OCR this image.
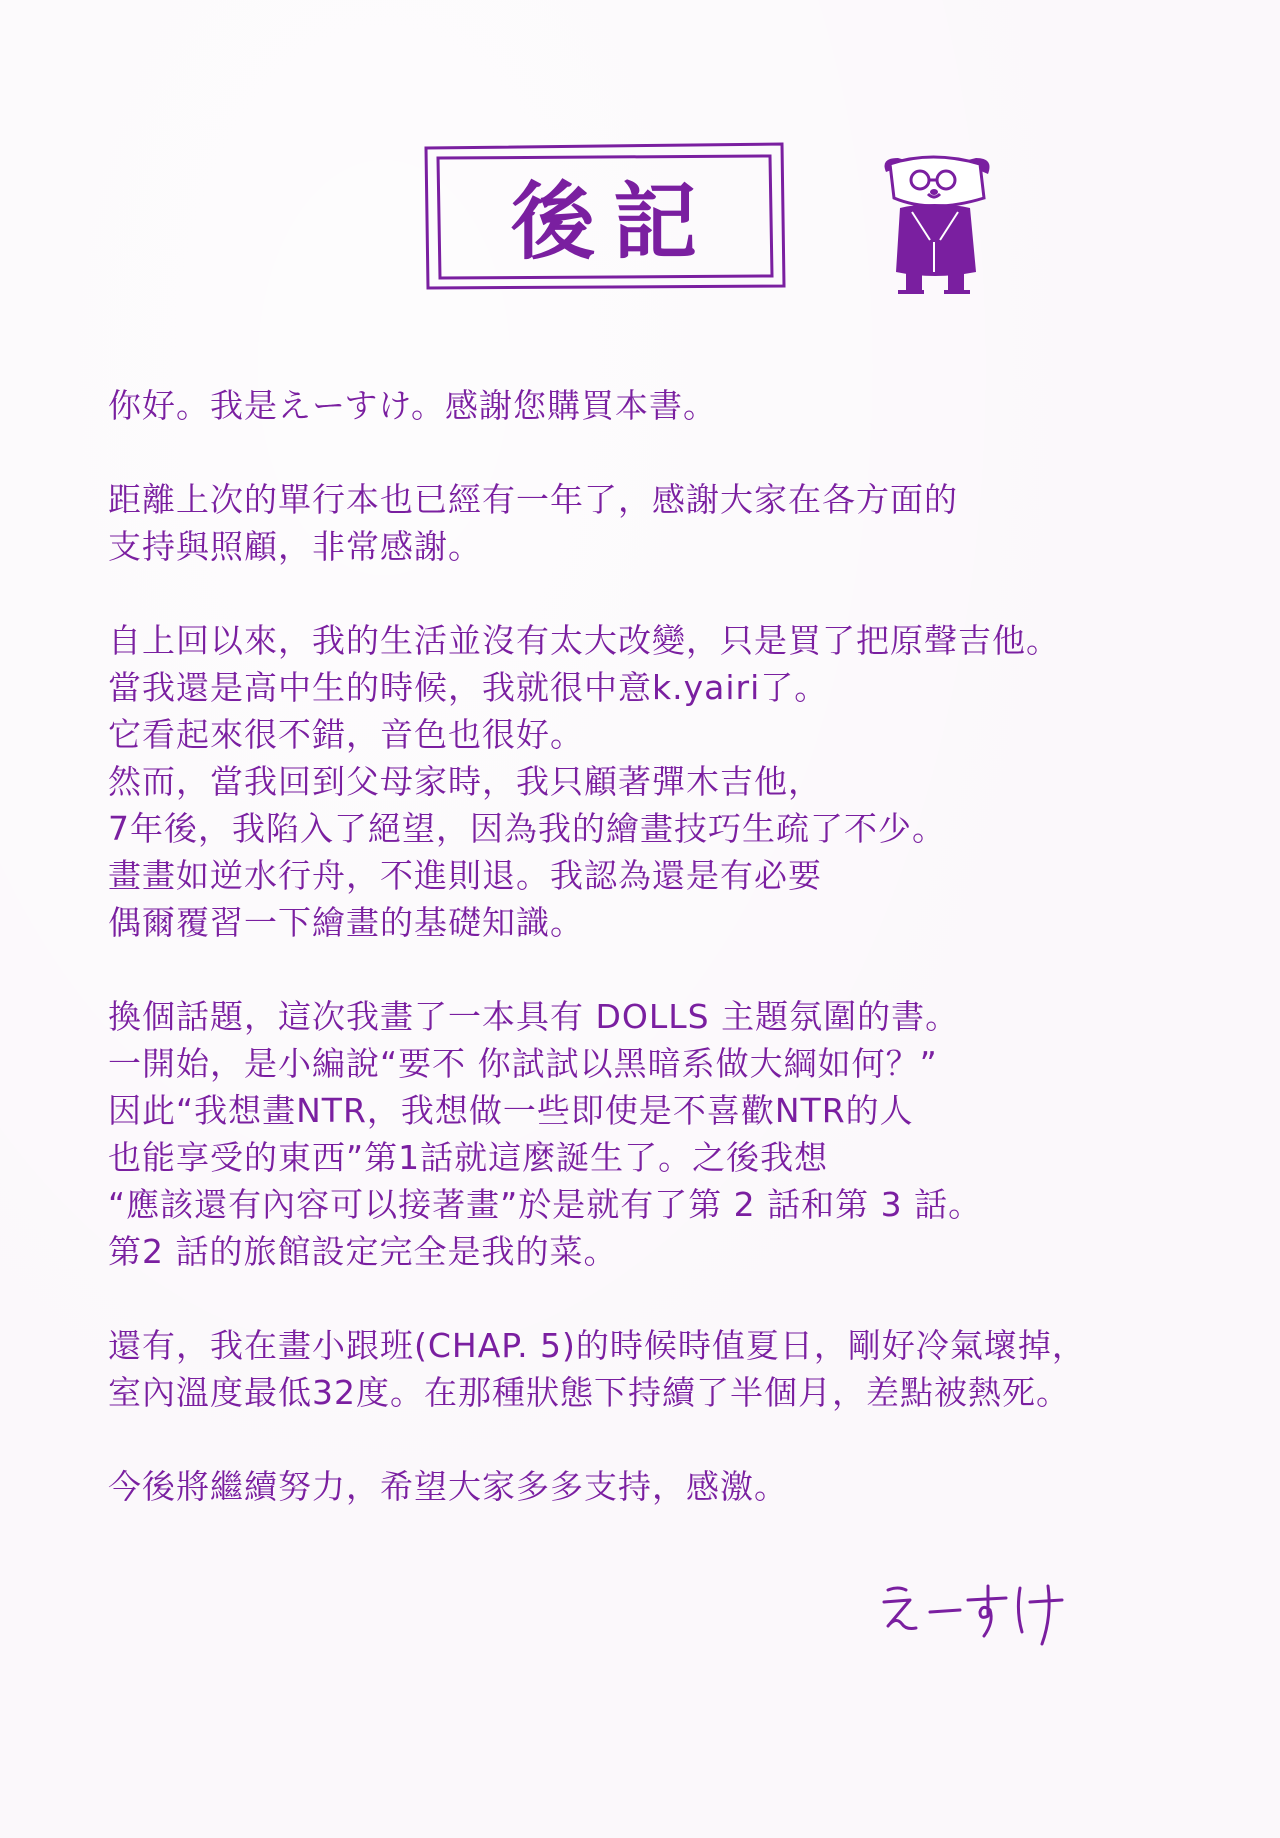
後記

你好。我是えーすけ。感謝您購買本書。

距離上次的單行本也已經有一年了，感謝大家在各方面的
支持與照顧，非常感謝。

自上回以來，我的生活並沒有太大改變，只是買了把原聲吉他。
當我還是高中生的時候，我就很中意k.yairi了。
它看起來很不錯，音色也很好。
然而，當我回到父母家時，我只顧著彈木吉他，
7年後，我陷入了絕望，因為我的繪畫技巧生疏了不少。
畫畫如逆水行舟，不進則退。我認為還是有必要
偶爾覆習一下繪畫的基礎知識。

換個話題，這次我畫了一本具有 DOLLS 主題氛圍的書。
一開始，是小編說“要不 你試試以黑暗系做大綱如何？”
因此“我想畫NTR，我想做一些即使是不喜歡NTR的人
也能享受的東西”第1話就這麼誕生了。之後我想
“應該還有內容可以接著畫”於是就有了第 2 話和第 3 話。
第2 話的旅館設定完全是我的菜。

還有，我在畫小跟班(CHAP. 5)的時候時值夏日，剛好冷氣壞掉，
室內溫度最低32度。在那種狀態下持續了半個月，差點被熱死。

今後將繼續努力，希望大家多多支持，感激。
